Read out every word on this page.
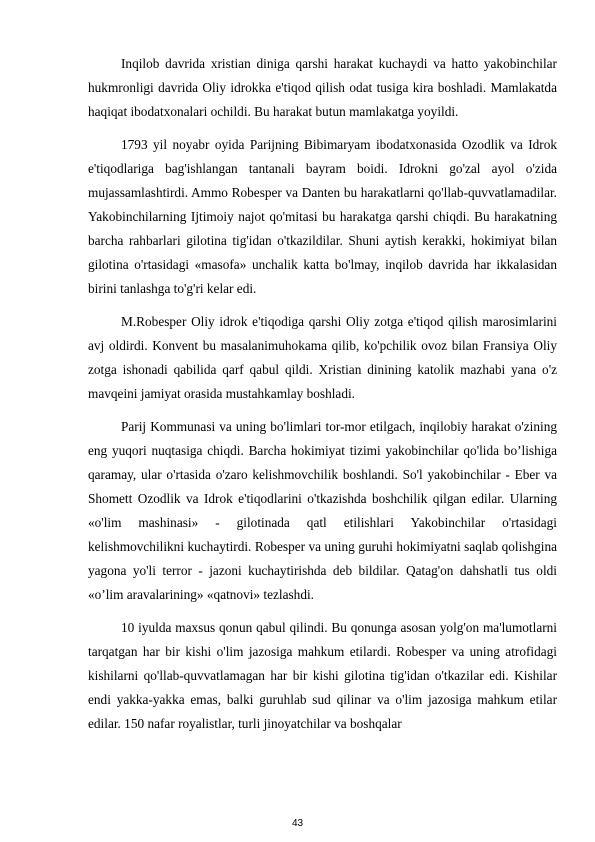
Inqilob davrida xristian diniga qarshi harakat kuchaydi va hatto yakobinchilar hukmronligi davrida Oliy idrokka e'tiqod qilish odat tusiga kira boshladi. Mamlakatda haqiqat ibodatxonalari ochildi. Bu harakat butun mamlakatga yoyildi.

1793 yil noyabr oyida Parijning Bibimaryam ibodatxonasida Ozodlik va Idrok e'tiqodlariga bag'ishlangan tantanali bayram boidi. Idrokni go'zal ayol o'zida mujassamlashtirdi. Ammo Robesper va Danten bu harakatlarni qo'llab-quvvatlamadilar. Yakobinchilarning Ijtimoiy najot qo'mitasi bu harakatga qarshi chiqdi. Bu harakatning barcha rahbarlari gilotina tig'idan o'tkazildilar. Shuni aytish kerakki, hokimiyat bilan gilotina o'rtasidagi «masofa» unchalik katta bo'lmay, inqilob davrida har ikkalasidan birini tanlashga to'g'ri kelar edi.

M.Robesper Oliy idrok e'tiqodiga qarshi Oliy zotga e'tiqod qilish marosimlarini avj oldirdi. Konvent bu masalanimuhokama qilib, ko'pchilik ovoz bilan Fransiya Oliy zotga ishonadi qabilida qarf qabul qildi. Xristian dinining katolik mazhabi yana o'z mavqeini jamiyat orasida mustahkamlay boshladi.

Parij Kommunasi va uning bo'limlari tor-mor etilgach, inqilobiy harakat o'zining eng yuqori nuqtasiga chiqdi. Barcha hokimiyat tizimi yakobinchilar qo'lida bo’lishiga qaramay, ular o'rtasida o'zaro kelishmovchilik boshlandi. So'l yakobinchilar - Eber va Shomett Ozodlik va Idrok e'tiqodlarini o'tkazishda boshchilik qilgan edilar. Ularning «o'lim mashinasi» - gilotinada qatl etilishlari Yakobinchilar o'rtasidagi kelishmovchilikni kuchaytirdi. Robesper va uning guruhi hokimiyatni saqlab qolishgina yagona yo'li terror - jazoni kuchaytirishda deb bildilar. Qatag'on dahshatli tus oldi «o’lim aravalarining» «qatnovi» tezlashdi.

10 iyulda maxsus qonun qabul qilindi. Bu qonunga asosan yolg'on ma'lumotlarni tarqatgan har bir kishi o'lim jazosiga mahkum etilardi. Robesper va uning atrofidagi kishilarni qo'llab-quvvatlamagan har bir kishi gilotina tig'idan o'tkazilar edi. Kishilar endi yakka-yakka emas, balki guruhlab sud qilinar va o'lim jazosiga mahkum etilar edilar. 150 nafar royalistlar, turli jinoyatchilar va boshqalar

43
